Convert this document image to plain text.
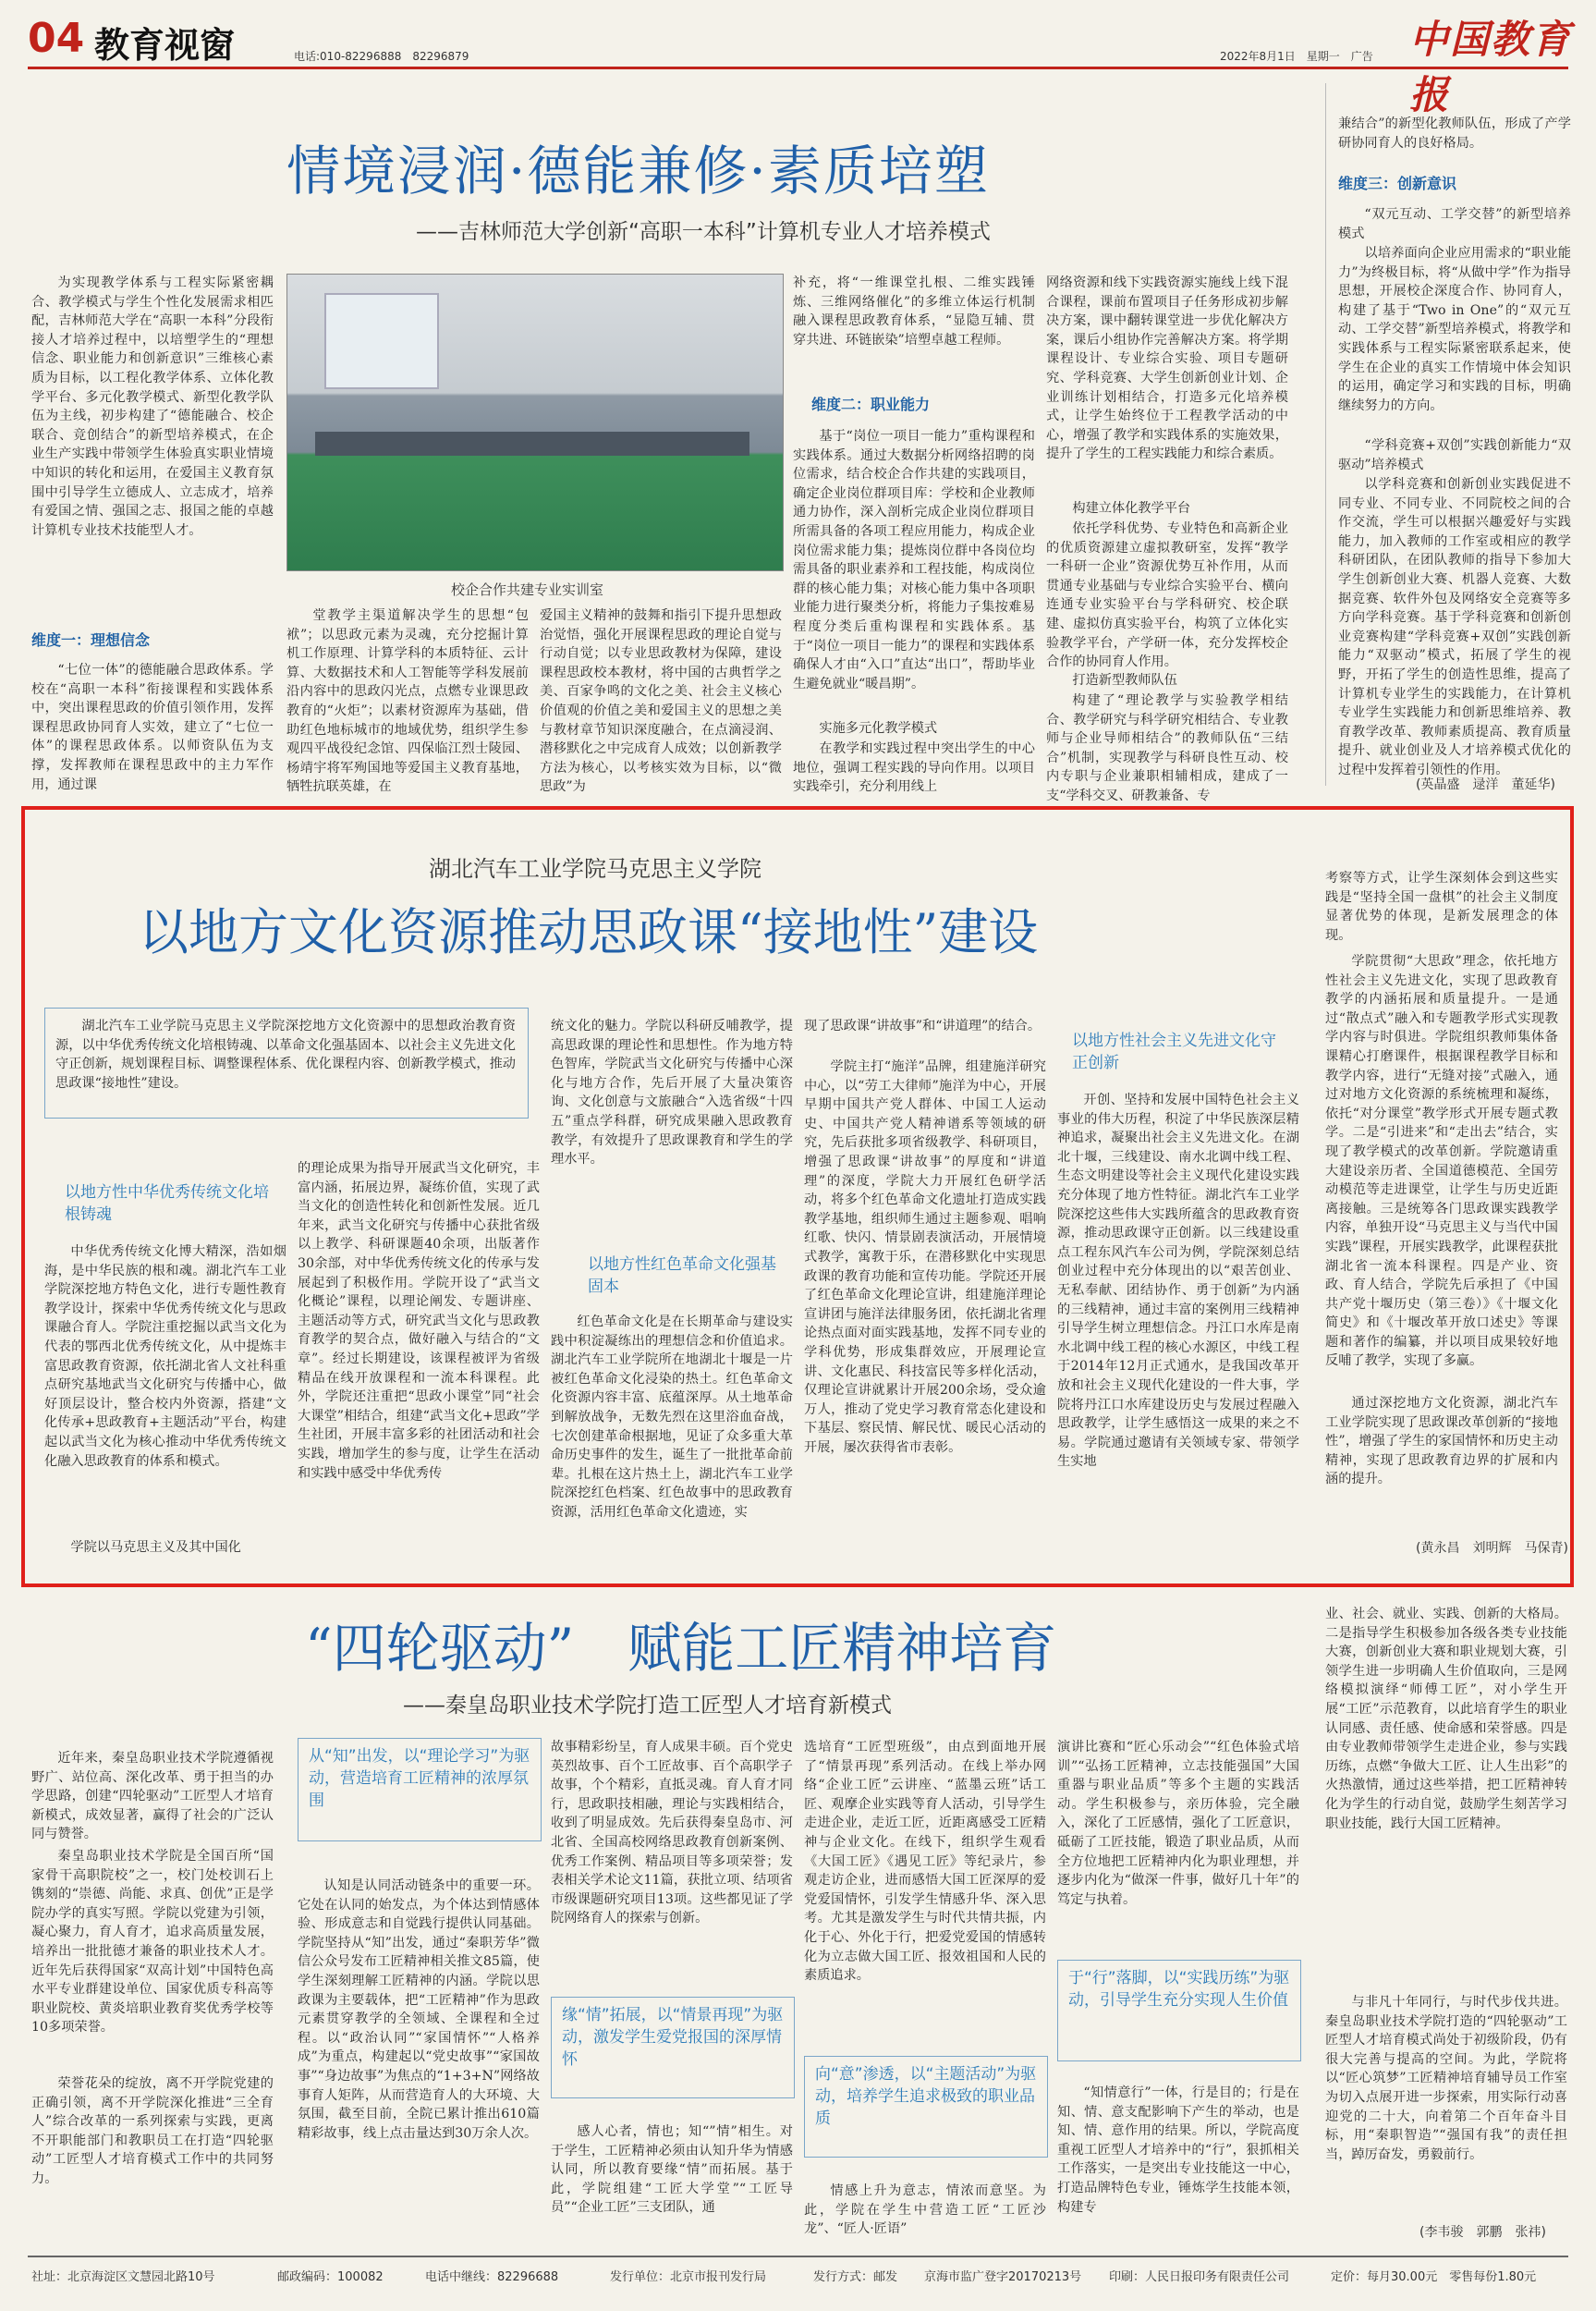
04 教育视窗	电话:010-82296888　82296879	2022年8月1日　星期一　广告 中国教育报
情境浸润·德能兼修·素质培塑
——吉林师范大学创新“高职一本科”计算机专业人才培养模式
为实现教学体系与工程实际紧密耦合、教学模式与学生个性化发展需求相匹配，吉林师范大学在“高职一本科”分段衔接人才培养过程中，以培塑学生的“理想信念、职业能力和创新意识”三维核心素质为目标，以工程化教学体系、立体化教学平台、多元化教学模式、新型化教学队伍为主线，初步构建了“德能融合、校企联合、竞创结合”的新型培养模式，在企业生产实践中带领学生体验真实职业情境中知识的转化和运用，在爱国主义教育氛围中引导学生立德成人、立志成才，培养有爱国之情、强国之志、报国之能的卓越计算机专业技术技能型人才。
维度一：理想信念
“七位一体”的德能融合思政体系。学校在“高职一本科”衔接课程和实践体系中，突出课程思政的价值引领作用，发挥课程思政协同育人实效，建立了“七位一体”的课程思政体系。以师资队伍为支撑，发挥教师在课程思政中的主力军作用，通过课
校企合作共建专业实训室
堂教学主渠道解决学生的思想“包袱”；以思政元素为灵魂，充分挖掘计算机工作原理、计算学科的本质特征、云计算、大数据技术和人工智能等学科发展前沿内容中的思政闪光点，点燃专业课思政教育的“火炬”；以素材资源库为基础，借助红色地标城市的地域优势，组织学生参观四平战役纪念馆、四保临江烈士陵园、杨靖宇将军殉国地等爱国主义教育基地，牺牲抗联英雄，在
爱国主义精神的鼓舞和指引下提升思想政治觉悟，强化开展课程思政的理论自觉与行动自觉；以专业思政教材为保障，建设课程思政校本教材，将中国的古典哲学之美、百家争鸣的文化之美、社会主义核心价值观的价值之美和爱国主义的思想之美与教材章节知识深度融合，在点滴浸润、潜移默化之中完成育人成效；以创新教学方法为核心，以考核实效为目标，以“微思政”为
补充，将“一维课堂扎根、二维实践锤炼、三维网络催化”的多维立体运行机制融入课程思政教育体系，“显隐互辅、贯穿共进、环链嵌染”培塑卓越工程师。
维度二：职业能力
基于“岗位一项目一能力”重构课程和实践体系。通过大数据分析网络招聘的岗位需求，结合校企合作共建的实践项目，确定企业岗位群项目库：学校和企业教师通力协作，深入剖析完成企业岗位群项目所需具备的各项工程应用能力，构成企业岗位需求能力集；提炼岗位群中各岗位均需具备的职业素养和工程技能，构成岗位群的核心能力集；对核心能力集中各项职业能力进行聚类分析，将能力子集按难易程度分类后重构课程和实践体系。基于“岗位一项目一能力”的课程和实践体系确保人才由“入口”直达“出口”，帮助毕业生避免就业“暖昌期”。
实施多元化教学模式
在教学和实践过程中突出学生的中心地位，强调工程实践的导向作用。以项目实践牵引，充分利用线上
网络资源和线下实践资源实施线上线下混合课程，课前布置项目子任务形成初步解决方案，课中翻转课堂进一步优化解决方案，课后小组协作完善解决方案。将学期课程设计、专业综合实验、项目专题研究、学科竞赛、大学生创新创业计划、企业训练计划相结合，打造多元化培养模式，让学生始终位于工程教学活动的中心，增强了教学和实践体系的实施效果，提升了学生的工程实践能力和综合素质。
构建立体化教学平台
依托学科优势、专业特色和高新企业的优质资源建立虚拟教研室，发挥“教学一科研一企业”资源优势互补作用，从而贯通专业基础与专业综合实验平台、横向连通专业实验平台与学科研究、校企联建、虚拟仿真实验平台，构筑了立体化实验教学平台，产学研一体，充分发挥校企合作的协同育人作用。
打造新型教师队伍
构建了“理论教学与实验教学相结合、教学研究与科学研究相结合、专业教师与企业导师相结合”的教师队伍“三结合”机制，实现教学与科研良性互动、校内专职与企业兼职相辅相成，建成了一支“学科交叉、研教兼备、专
兼结合”的新型化教师队伍，形成了产学研协同育人的良好格局。
维度三：创新意识
“双元互动、工学交替”的新型培养模式
以培养面向企业应用需求的“职业能力”为终极目标，将“从做中学”作为指导思想，开展校企深度合作、协同育人，构建了基于“Two in One”的“双元互动、工学交替”新型培养模式，将教学和实践体系与工程实际紧密联系起来，使学生在企业的真实工作情境中体会知识的运用，确定学习和实践的目标，明确继续努力的方向。
“学科竞赛+双创”实践创新能力“双驱动”培养模式
以学科竞赛和创新创业实践促进不同专业、不同专业、不同院校之间的合作交流，学生可以根据兴趣爱好与实践能力，加入教师的工作室或相应的教学科研团队，在团队教师的指导下参加大学生创新创业大赛、机器人竞赛、大数据竞赛、软件外包及网络安全竞赛等多方向学科竞赛。基于学科竞赛和创新创业竞赛构建“学科竞赛+双创”实践创新能力“双驱动”模式，拓展了学生的视野，开拓了学生的创造性思维，提高了计算机专业学生的实践能力，在计算机专业学生实践能力和创新思维培养、教育教学改革、教师素质提高、教育质量提升、就业创业及人才培养模式优化的过程中发挥着引领性的作用。
(英晶盛　逯洋　董延华)
湖北汽车工业学院马克思主义学院
以地方文化资源推动思政课“接地性”建设
湖北汽车工业学院马克思主义学院深挖地方文化资源中的思想政治教育资源，以中华优秀传统文化培根铸魂、以革命文化强基固本、以社会主义先进文化守正创新，规划课程目标、调整课程体系、优化课程内容、创新教学模式，推动思政课“接地性”建设。
以地方性中华优秀传统文化培根铸魂
中华优秀传统文化博大精深，浩如烟海，是中华民族的根和魂。湖北汽车工业学院深挖地方特色文化，进行专题性教育教学设计，探索中华优秀传统文化与思政课融合育人。学院注重挖掘以武当文化为代表的鄂西北优秀传统文化，从中提炼丰富思政教育资源，依托湖北省人文社科重点研究基地武当文化研究与传播中心，做好顶层设计，整合校内外资源，搭建“文化传承+思政教育+主题活动”平台，构建起以武当文化为核心推动中华优秀传统文化融入思政教育的体系和模式。
学院以马克思主义及其中国化
的理论成果为指导开展武当文化研究，丰富内涵，拓展边界，凝练价值，实现了武当文化的创造性转化和创新性发展。近几年来，武当文化研究与传播中心获批省级以上教学、科研课题40余项，出版著作30余部，对中华优秀传统文化的传承与发展起到了积极作用。学院开设了“武当文化概论”课程，以理论阐发、专题讲座、主题活动等方式，研究武当文化与思政教育教学的契合点，做好融入与结合的“文章”。经过长期建设，该课程被评为省级精品在线开放课程和一流本科课程。此外，学院还注重把“思政小课堂”同“社会大课堂”相结合，组建“武当文化+思政”学生社团，开展丰富多彩的社团活动和社会实践，增加学生的参与度，让学生在活动和实践中感受中华优秀传
统文化的魅力。学院以科研反哺教学，提高思政课的理论性和思想性。作为地方特色智库，学院武当文化研究与传播中心深化与地方合作，先后开展了大量决策咨询、文化创意与文旅融合“入选省级“十四五”重点学科群，研究成果融入思政教育教学，有效提升了思政课教育和学生的学理水平。
以地方性红色革命文化强基固本
红色革命文化是在长期革命与建设实践中积淀凝练出的理想信念和价值追求。湖北汽车工业学院所在地湖北十堰是一片被红色革命文化浸染的热土。红色革命文化资源内容丰富、底蕴深厚。从土地革命到解放战争，无数先烈在这里浴血奋战，七次创建革命根据地，见证了众多重大革命历史事件的发生，诞生了一批批革命前辈。扎根在这片热土上，湖北汽车工业学院深挖红色档案、红色故事中的思政教育资源，活用红色革命文化遗迹，实
现了思政课“讲故事”和“讲道理”的结合。
学院主打“施洋”品牌，组建施洋研究中心，以“劳工大律师”施洋为中心，开展早期中国共产党人群体、中国工人运动史、中国共产党人精神谱系等领域的研究，先后获批多项省级教学、科研项目，增强了思政课“讲故事”的厚度和“讲道理”的深度，学院大力开展红色研学活动，将多个红色革命文化遗址打造成实践教学基地，组织师生通过主题参观、唱响红歌、快闪、情景剧表演活动，开展情境式教学，寓教于乐，在潜移默化中实现思政课的教育功能和宣传功能。学院还开展了红色革命文化理论宣讲，组建施洋理论宣讲团与施洋法律服务团，依托湖北省理论热点面对面实践基地，发挥不同专业的学科优势，形成集群效应，开展理论宣讲、文化惠民、科技富民等多样化活动，仅理论宣讲就累计开展200余场，受众逾万人，推动了党史学习教育常态化建设和下基层、察民情、解民忧、暖民心活动的开展，屡次获得省市表彰。
以地方性社会主义先进文化守正创新
开创、坚持和发展中国特色社会主义事业的伟大历程，积淀了中华民族深层精神追求，凝聚出社会主义先进文化。在湖北十堰，三线建设、南水北调中线工程、生态文明建设等社会主义现代化建设实践充分体现了地方性特征。湖北汽车工业学院深挖这些伟大实践所蕴含的思政教育资源，推动思政课守正创新。以三线建设重点工程东风汽车公司为例，学院深刻总结创业过程中充分体现出的以“艰苦创业、无私奉献、团结协作、勇于创新”为内涵的三线精神，通过丰富的案例用三线精神引导学生树立理想信念。丹江口水库是南水北调中线工程的核心水源区，中线工程于2014年12月正式通水，是我国改革开放和社会主义现代化建设的一件大事，学院将丹江口水库建设历史与发展过程融入思政教学，让学生感悟这一成果的来之不易。学院通过邀请有关领域专家、带领学生实地
考察等方式，让学生深刻体会到这些实践是“坚持全国一盘棋”的社会主义制度显著优势的体现，是新发展理念的体现。
学院贯彻“大思政”理念，依托地方性社会主义先进文化，实现了思政教育教学的内涵拓展和质量提升。一是通过“散点式”融入和专题教学形式实现教学内容与时俱进。学院组织教师集体备课精心打磨课件，根据课程教学目标和教学内容，进行“无缝对接”式融入，通过对地方文化资源的系统梳理和凝练，依托“对分课堂”教学形式开展专题式教学。二是“引进来”和“走出去”结合，实现了教学模式的改革创新。学院邀请重大建设亲历者、全国道德模范、全国劳动模范等走进课堂，让学生与历史近距离接触。三是统筹各门思政课实践教学内容，单独开设“马克思主义与当代中国实践”课程，开展实践教学，此课程获批湖北省一流本科课程。四是产业、资政、育人结合，学院先后承担了《中国共产党十堰历史（第三卷）》《十堰文化简史》和《十堰改革开放口述史》等课题和著作的编纂，并以项目成果较好地反哺了教学，实现了多赢。
通过深挖地方文化资源，湖北汽车工业学院实现了思政课改革创新的“接地性”，增强了学生的家国情怀和历史主动精神，实现了思政教育边界的扩展和内涵的提升。
(黄永昌　刘明辉　马保青)
“四轮驱动”　赋能工匠精神培育
——秦皇岛职业技术学院打造工匠型人才培育新模式
近年来，秦皇岛职业技术学院遵循视野广、站位高、深化改革、勇于担当的办学思路，创建“四轮驱动”工匠型人才培育新模式，成效显著，赢得了社会的广泛认同与赞誉。
秦皇岛职业技术学院是全国百所“国家骨干高职院校”之一，校门处校训石上镌刻的“崇德、尚能、求真、创优”正是学院办学的真实写照。学院以党建为引领，凝心聚力，育人育才，追求高质量发展，培养出一批批德才兼备的职业技术人才。近年先后获得国家“双高计划”中国特色高水平专业群建设单位、国家优质专科高等职业院校、黄炎培职业教育奖优秀学校等10多项荣誉。
荣誉花朵的绽放，离不开学院党建的正确引领，离不开学院深化推进“三全育人”综合改革的一系列探索与实践，更离不开职能部门和教职员工在打造“四轮驱动”工匠型人才培育模式工作中的共同努力。
从“知”出发，以“理论学习”为驱动，营造培育工匠精神的浓厚氛围
认知是认同活动链条中的重要一环。它处在认同的始发点，为个体达到情感体验、形成意志和自觉践行提供认同基础。学院坚持从“知”出发，通过“秦职芳华”微信公众号发布工匠精神相关推文85篇，使学生深刻理解工匠精神的内涵。学院以思政课为主要载体，把“工匠精神”作为思政元素贯穿教学的全领域、全课程和全过程。以“政治认同”“家国情怀”“人格养成”为重点，构建起以“党史故事”“家国故事”“身边故事”为焦点的“1+3+N”网络故事育人矩阵，从而营造育人的大环境、大氛围，截至目前，全院已累计推出610篇精彩故事，线上点击量达到30万余人次。
故事精彩纷呈，育人成果丰硕。百个党史英烈故事、百个工匠故事、百个高职学子故事，个个精彩，直抵灵魂。育人育才同行，思政职技相融，理论与实践相结合，收到了明显成效。先后获得秦皇岛市、河北省、全国高校网络思政教育创新案例、优秀工作案例、精品项目等多项荣誉；发表相关学术论文11篇，获批立项、结项省市级课题研究项目13项。这些都见证了学院网络育人的探索与创新。
缘“情”拓展，以“情景再现”为驱动，激发学生爱党报国的深厚情怀
感人心者，情也；知“”情”相生。对于学生，工匠精神必须由认知升华为情感认同，所以教育要缘“情”而拓展。基于此，学院组建“工匠大学堂”“工匠导员”“企业工匠”三支团队，通
选培育“工匠型班级”，由点到面地开展了“情景再现”系列活动。在线上举办网络“企业工匠”云讲座、“蓝墨云班”话工匠、观摩企业实践等育人活动，引导学生走进企业，走近工匠，近距离感受工匠精神与企业文化。在线下，组织学生观看《大国工匠》《遇见工匠》等纪录片，参观走访企业，进而感悟大国工匠深厚的爱党爱国情怀，引发学生情感升华、深入思考。尤其是激发学生与时代共情共振，内化于心、外化于行，把爱党爱国的情感转化为立志做大国工匠、报效祖国和人民的素质追求。
向“意”渗透，以“主题活动”为驱动，培养学生追求极致的职业品质
情感上升为意志，情浓而意坚。为此，学院在学生中营造工匠“工匠沙龙”、“匠人·匠语”
演讲比赛和“匠心乐动会”“红色体验式培训”“弘扬工匠精神，立志技能强国”大国重器与职业品质”等多个主题的实践活动。学生积极参与，亲历体验，完全融入，深化了工匠感情，强化了工匠意识，砥砺了工匠技能，锻造了职业品质，从而全方位地把工匠精神内化为职业理想，并逐步内化为“做深一件事，做好几十年”的笃定与执着。
于“行”落脚，以“实践历练”为驱动，引导学生充分实现人生价值
“知情意行”一体，行是目的；行是在知、情、意支配影响下产生的举动，也是知、情、意作用的结果。所以，学院高度重视工匠型人才培养中的“行”，狠抓相关工作落实，一是突出专业技能这一中心，打造品牌特色专业，锤炼学生技能本领，构建专
业、社会、就业、实践、创新的大格局。二是指导学生积极参加各级各类专业技能大赛，创新创业大赛和职业规划大赛，引领学生进一步明确人生价值取向，三是网络模拟演绎“师傅工匠”，对小学生开展“工匠”示范教育，以此培育学生的职业认同感、责任感、使命感和荣誉感。四是由专业教师带领学生走进企业，参与实践历练，点燃“争做大工匠、让人生出彩”的火热激情，通过这些举措，把工匠精神转化为学生的行动自觉，鼓励学生刻苦学习职业技能，践行大国工匠精神。
与非凡十年同行，与时代步伐共进。秦皇岛职业技术学院打造的“四轮驱动”工匠型人才培育模式尚处于初级阶段，仍有很大完善与提高的空间。为此，学院将以“匠心筑梦”工匠精神培育辅导员工作室为切入点展开进一步探索，用实际行动喜迎党的二十大，向着第二个百年奋斗目标，用“秦职智造”“强国有我”的责任担当，踔厉奋发，勇毅前行。
(李韦骏　郭鹏　张祎)
社址：北京海淀区文慧园北路10号	邮政编码：100082	电话中继线：82296688	发行单位：北京市报刊发行局	发行方式：邮发 京海市监广登字20170213号 印刷：人民日报印务有限责任公司	定价：每月30.00元　零售每份1.80元
